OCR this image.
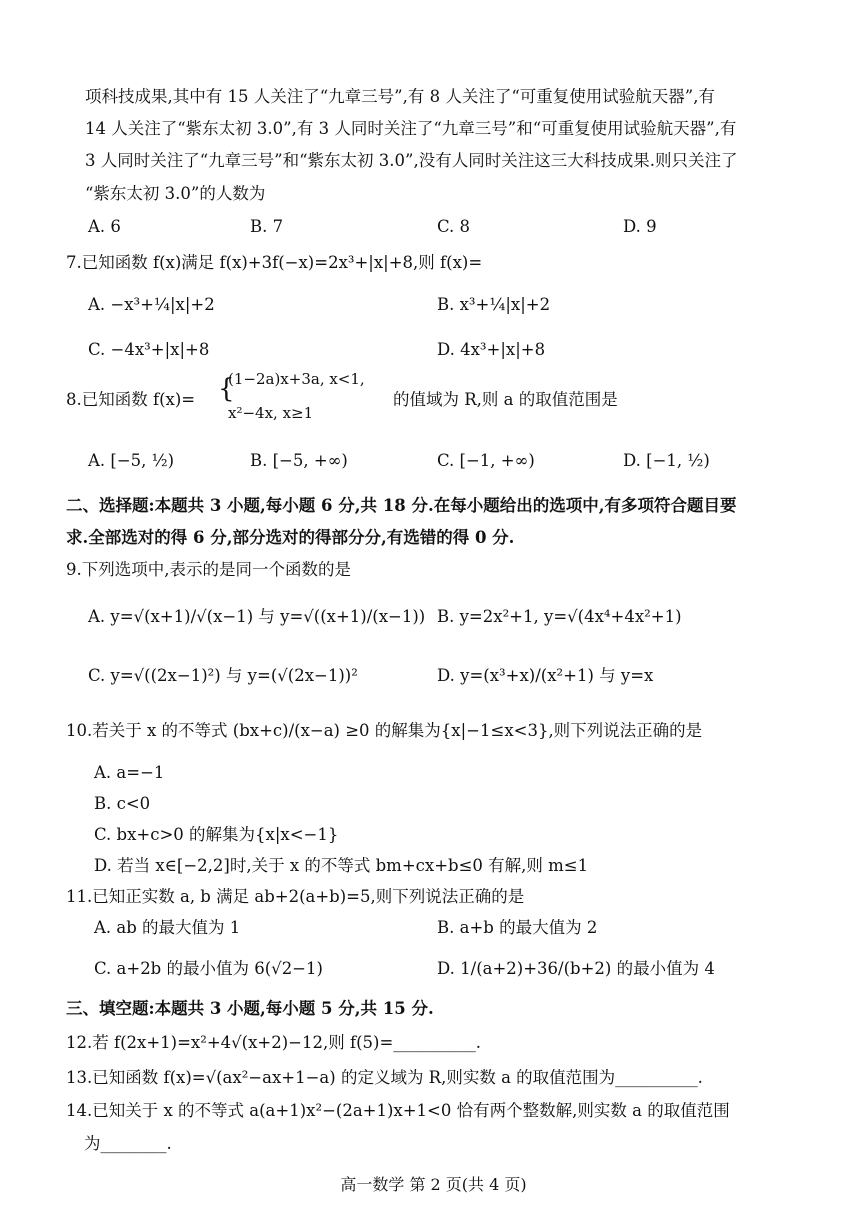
项科技成果,其中有 15 人关注了“九章三号”,有 8 人关注了“可重复使用试验航天器”,有
14 人关注了“紫东太初 3.0”,有 3 人同时关注了“九章三号”和“可重复使用试验航天器”,有
3 人同时关注了“九章三号”和“紫东太初 3.0”,没有人同时关注这三大科技成果.则只关注了
“紫东太初 3.0”的人数为
A. 6	B. 7	C. 8	D. 9
7.已知函数 f(x)满足 f(x)+3f(−x)=2x³+|x|+8,则 f(x)=
A. −x³+¼|x|+2	B. x³+¼|x|+2
C. −4x³+|x|+8	D. 4x³+|x|+8
8.已知函数 f(x)= {
(1−2a)x+3a, x<1,
x²−4x, x≥1
的值域为 R,则 a 的取值范围是
A. [−5, ½)	B. [−5, +∞)	C. [−1, +∞)	D. [−1, ½)
二、选择题:本题共 3 小题,每小题 6 分,共 18 分.在每小题给出的选项中,有多项符合题目要
求.全部选对的得 6 分,部分选对的得部分分,有选错的得 0 分.
9.下列选项中,表示的是同一个函数的是
A. y=√(x+1)/√(x−1) 与 y=√((x+1)/(x−1)) B. y=2x²+1, y=√(4x⁴+4x²+1)
C. y=√((2x−1)²) 与 y=(√(2x−1))²	D. y=(x³+x)/(x²+1) 与 y=x
10.若关于 x 的不等式 (bx+c)/(x−a) ≥0 的解集为{x|−1≤x<3},则下列说法正确的是
A. a=−1
B. c<0
C. bx+c>0 的解集为{x|x<−1}
D. 若当 x∈[−2,2]时,关于 x 的不等式 bm+cx+b≤0 有解,则 m≤1
11.已知正实数 a, b 满足 ab+2(a+b)=5,则下列说法正确的是
A. ab 的最大值为 1	B. a+b 的最大值为 2
C. a+2b 的最小值为 6(√2−1)	D. 1/(a+2)+36/(b+2) 的最小值为 4
三、填空题:本题共 3 小题,每小题 5 分,共 15 分.
12.若 f(2x+1)=x²+4√(x+2)−12,则 f(5)=__________.
13.已知函数 f(x)=√(ax²−ax+1−a) 的定义域为 R,则实数 a 的取值范围为__________.
14.已知关于 x 的不等式 a(a+1)x²−(2a+1)x+1<0 恰有两个整数解,则实数 a 的取值范围
为________.
高一数学 第 2 页(共 4 页)
